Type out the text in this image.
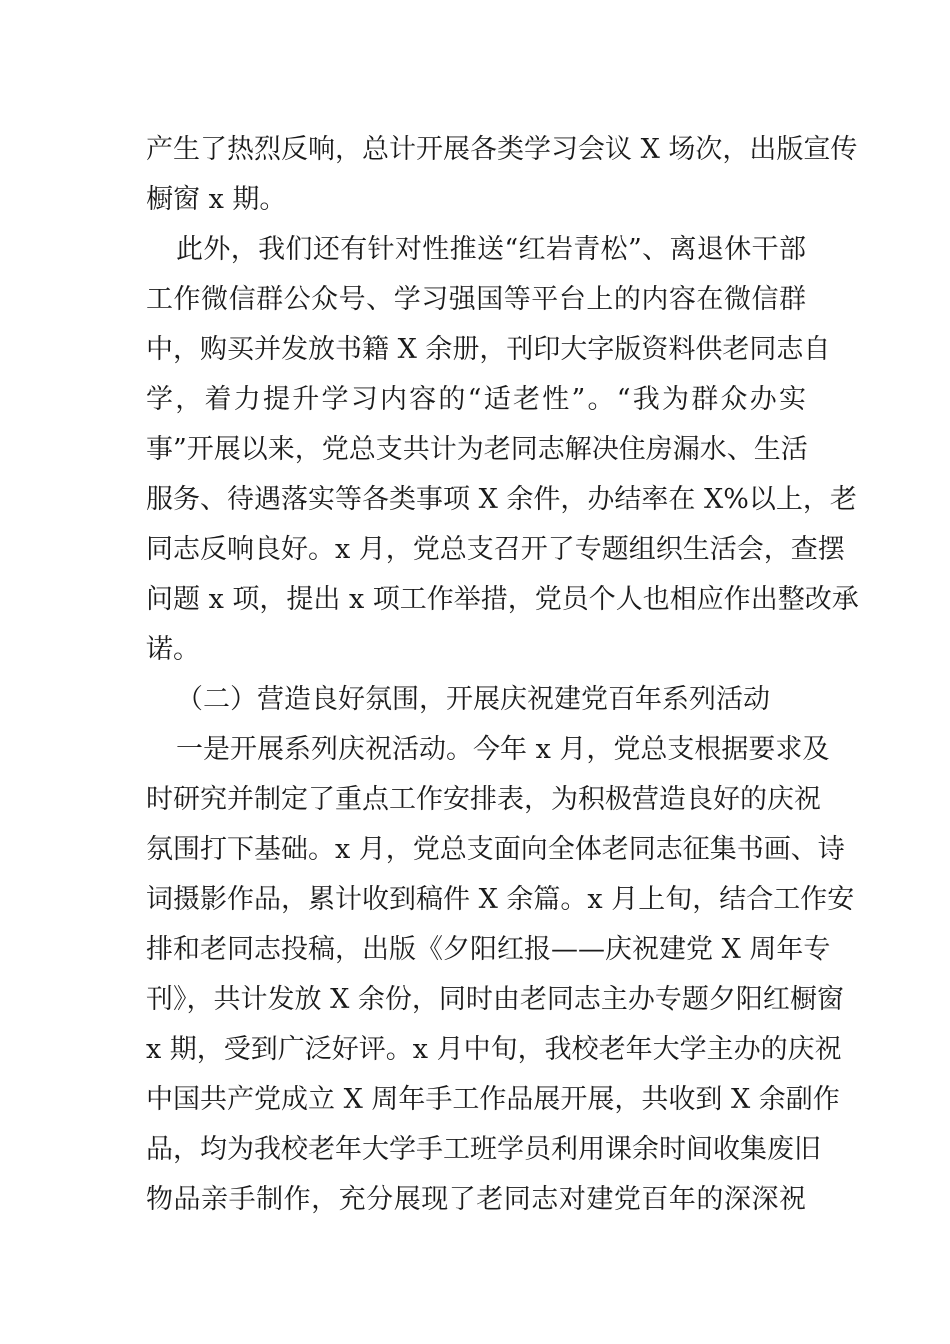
产生了热烈反响，总计开展各类学习会议 X 场次，出版宣传
橱窗 x 期。
此外，我们还有针对性推送“红岩青松”、离退休干部
工作微信群公众号、学习强国等平台上的内容在微信群
中，购买并发放书籍 X 余册，刊印大字版资料供老同志自
学，着力提升学习内容的“适老性”。“我为群众办实
事”开展以来，党总支共计为老同志解决住房漏水、生活
服务、待遇落实等各类事项 X 余件，办结率在 X%以上，老
同志反响良好。x 月，党总支召开了专题组织生活会，查摆
问题 x 项，提出 x 项工作举措，党员个人也相应作出整改承
诺。
（二）营造良好氛围，开展庆祝建党百年系列活动
一是开展系列庆祝活动。今年 x 月，党总支根据要求及
时研究并制定了重点工作安排表，为积极营造良好的庆祝
氛围打下基础。x 月，党总支面向全体老同志征集书画、诗
词摄影作品，累计收到稿件 X 余篇。x 月上旬，结合工作安
排和老同志投稿，出版《夕阳红报——庆祝建党 X 周年专
刊》，共计发放 X 余份，同时由老同志主办专题夕阳红橱窗
x 期，受到广泛好评。x 月中旬，我校老年大学主办的庆祝
中国共产党成立 X 周年手工作品展开展，共收到 X 余副作
品，均为我校老年大学手工班学员利用课余时间收集废旧
物品亲手制作，充分展现了老同志对建党百年的深深祝
